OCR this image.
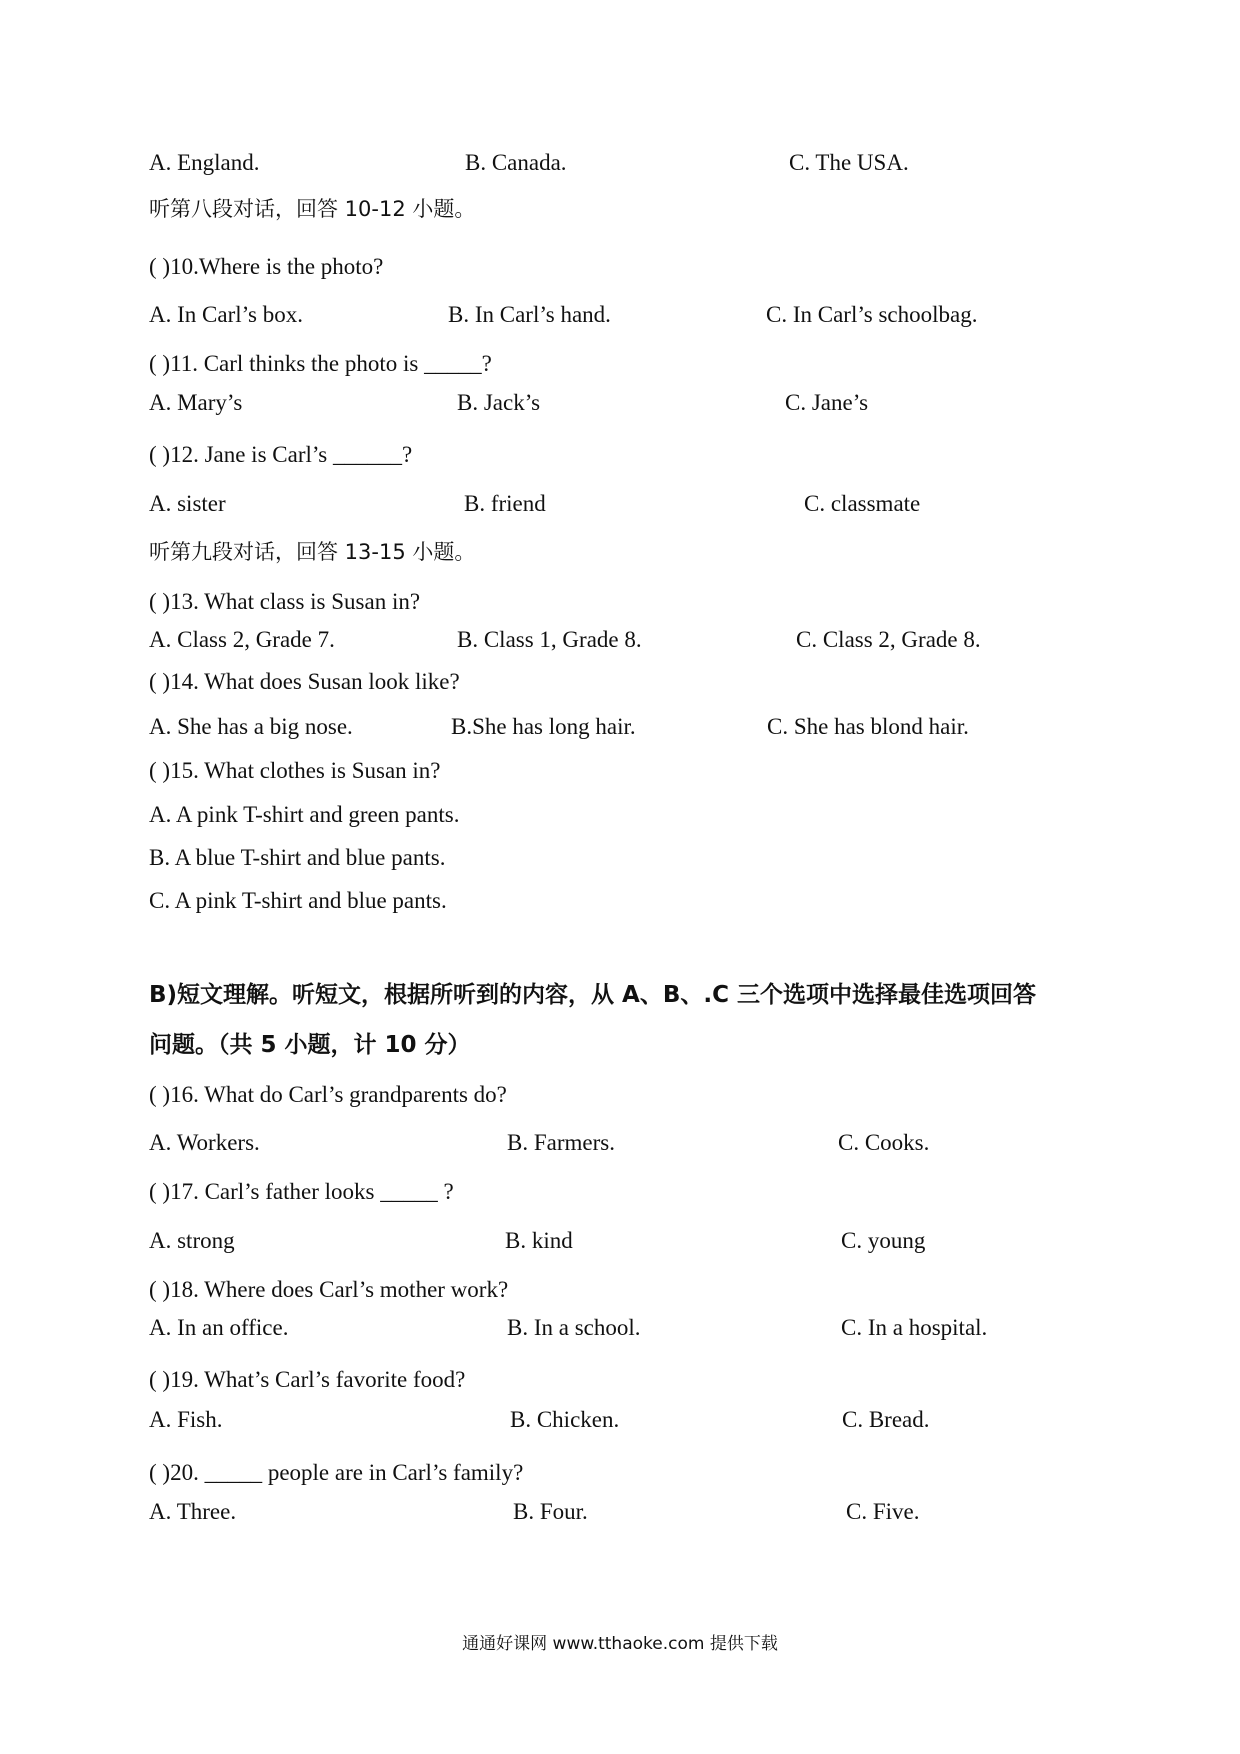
A. England.	B. Canada.	C. The USA.
听第八段对话，回答 10-12 小题。
( )10.Where is the photo?
A. In Carl’s box.	B. In Carl’s hand.	C. In Carl’s schoolbag.
( )11. Carl thinks the photo is _____?
A. Mary’s	B. Jack’s	C. Jane’s
( )12. Jane is Carl’s ______?
A. sister	B. friend	C. classmate
听第九段对话，回答 13-15 小题。
( )13. What class is Susan in?
A. Class 2, Grade 7.	B. Class 1, Grade 8.	C. Class 2, Grade 8.
( )14. What does Susan look like?
A. She has a big nose.	B.She has long hair.	C. She has blond hair.
( )15. What clothes is Susan in?
A. A pink T-shirt and green pants.
B. A blue T-shirt and blue pants.
C. A pink T-shirt and blue pants.
B)短文理解。听短文，根据所听到的内容，从 A、B、.C 三个选项中选择最佳选项回答
问题。（共 5 小题，计 10 分）
( )16. What do Carl’s grandparents do?
A. Workers.	B. Farmers.	C. Cooks.
( )17. Carl’s father looks _____ ?
A. strong	B. kind	C. young
( )18. Where does Carl’s mother work?
A. In an office.	B. In a school.	C. In a hospital.
( )19. What’s Carl’s favorite food?
A. Fish.	B. Chicken.	C. Bread.
( )20. _____ people are in Carl’s family?
A. Three.	B. Four.	C. Five.
通通好课网 www.tthaoke.com 提供下载
